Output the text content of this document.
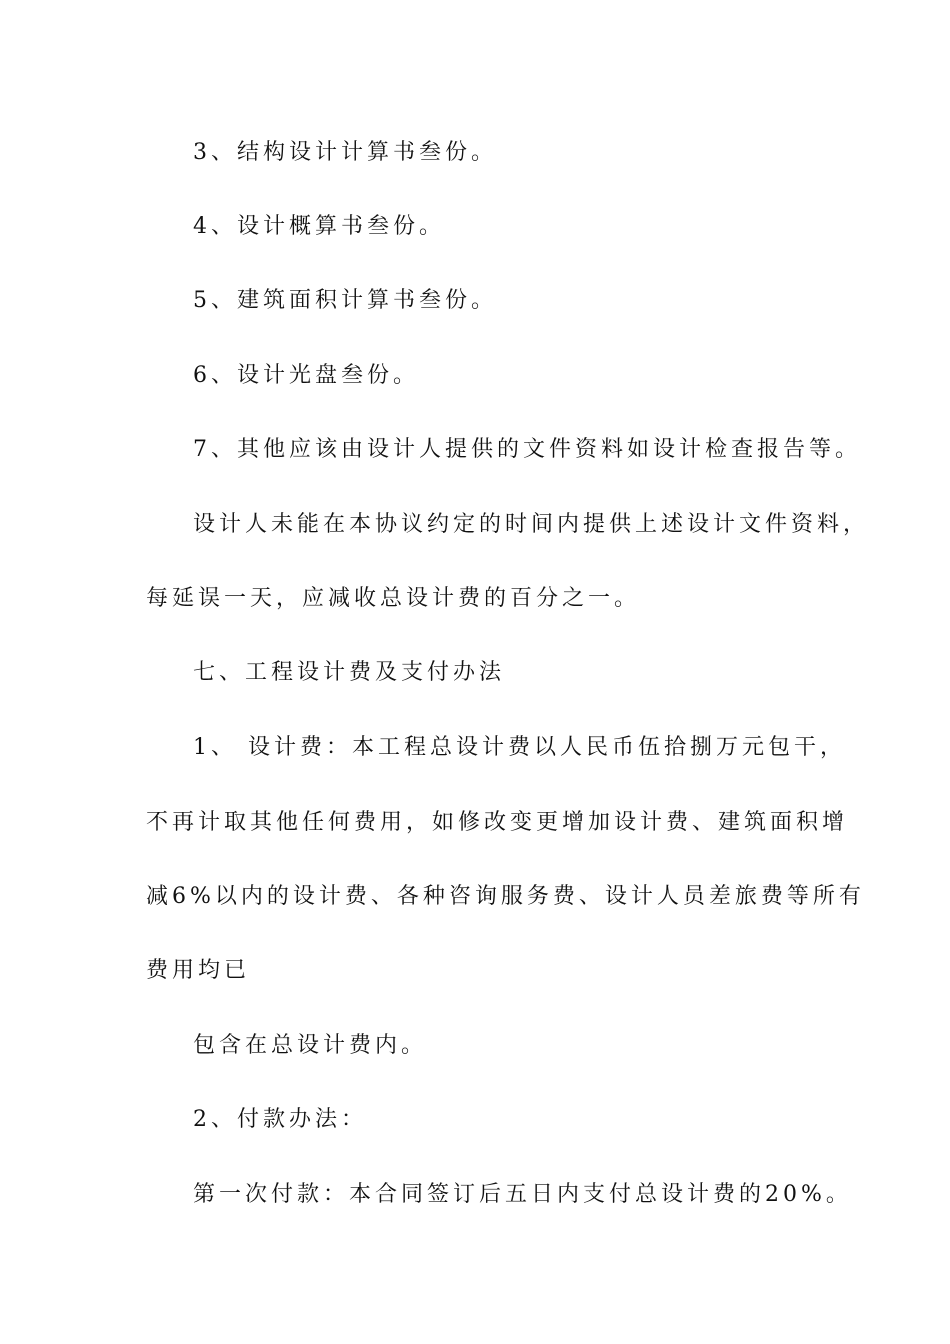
3、结构设计计算书叁份。
4、设计概算书叁份。
5、建筑面积计算书叁份。
6、设计光盘叁份。
7、其他应该由设计人提供的文件资料如设计检查报告等。
设计人未能在本协议约定的时间内提供上述设计文件资料，
每延误一天，应减收总设计费的百分之一。
七、工程设计费及支付办法
1、 设计费：本工程总设计费以人民币伍拾捌万元包干，
不再计取其他任何费用，如修改变更增加设计费、建筑面积增
减6%以内的设计费、各种咨询服务费、设计人员差旅费等所有
费用均已
包含在总设计费内。
2、付款办法：
第一次付款：本合同签订后五日内支付总设计费的20%。
